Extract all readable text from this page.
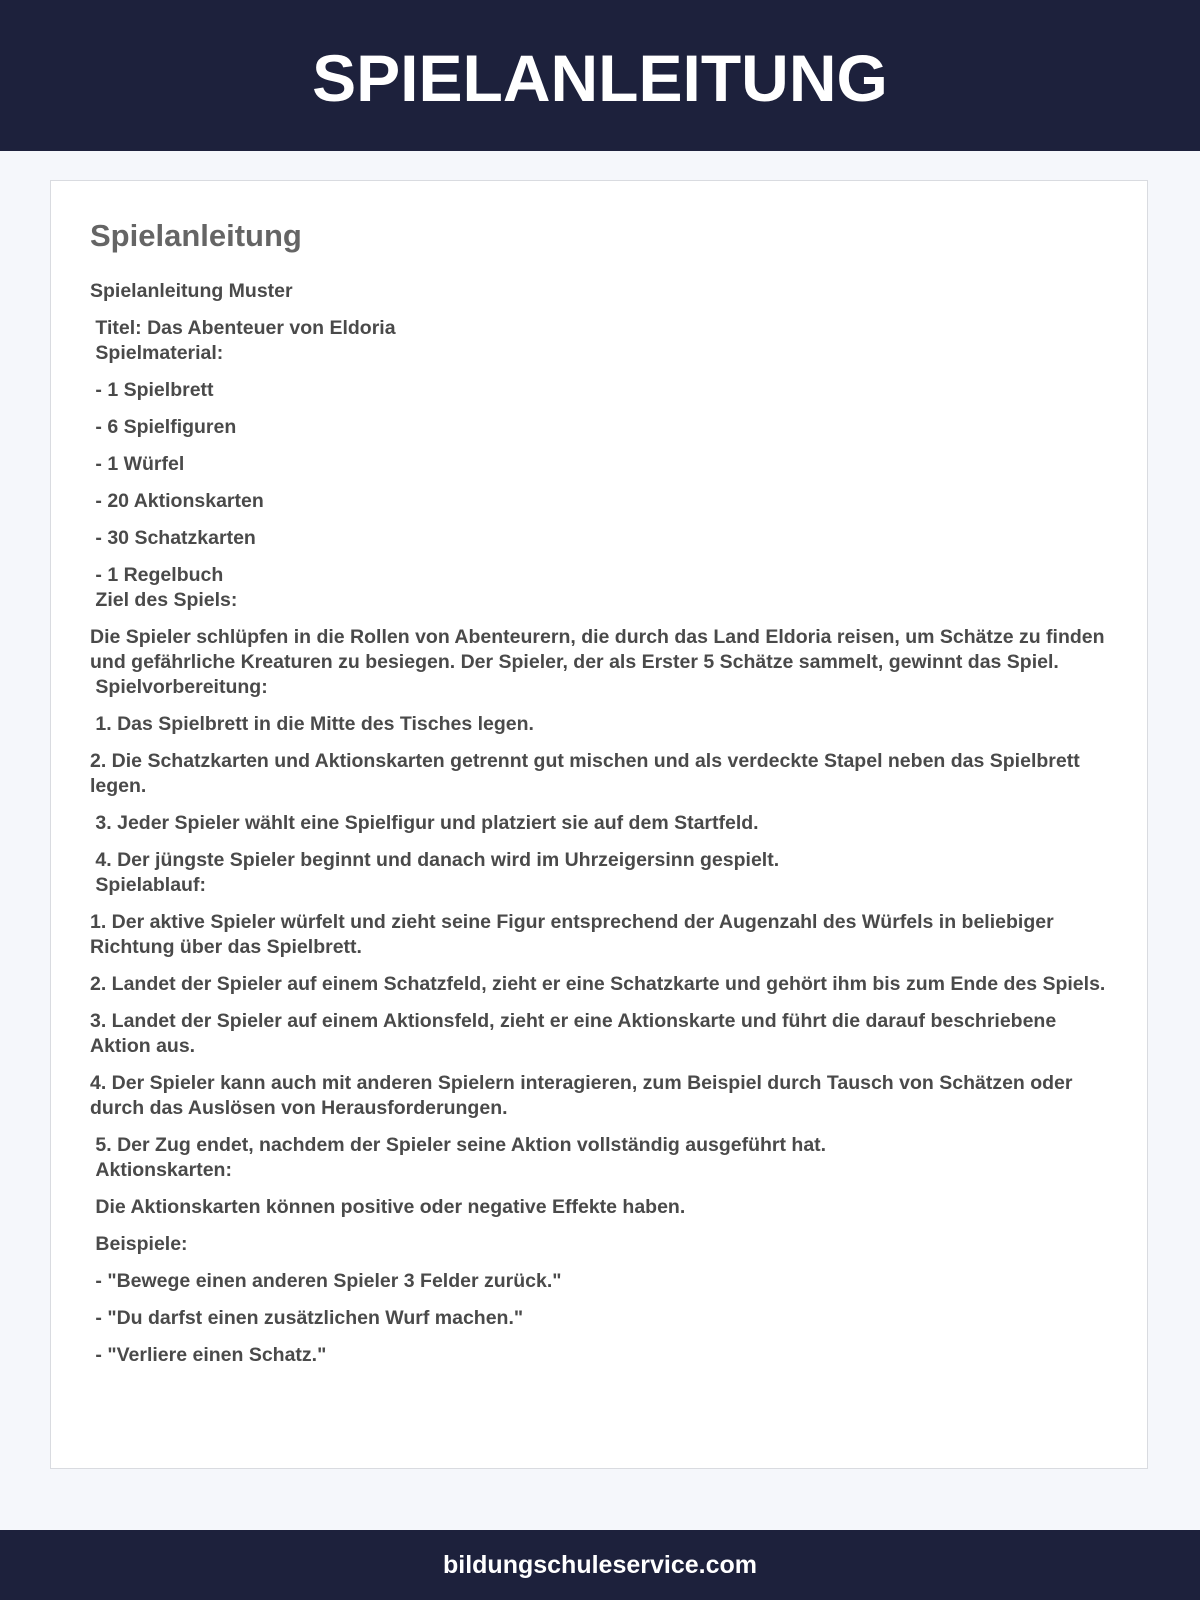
SPIELANLEITUNG
Spielanleitung

Spielanleitung Muster

Titel: Das Abenteuer von Eldoria

Spielmaterial:

- 1 Spielbrett

- 6 Spielfiguren

- 1 Würfel

- 20 Aktionskarten

- 30 Schatzkarten

- 1 Regelbuch

Ziel des Spiels:

Die Spieler schlüpfen in die Rollen von Abenteurern, die durch das Land Eldoria reisen, um Schätze zu finden und gefährliche Kreaturen zu besiegen. Der Spieler, der als Erster 5 Schätze sammelt, gewinnt das Spiel.

Spielvorbereitung:

1. Das Spielbrett in die Mitte des Tisches legen.

2. Die Schatzkarten und Aktionskarten getrennt gut mischen und als verdeckte Stapel neben das Spielbrett legen.

3. Jeder Spieler wählt eine Spielfigur und platziert sie auf dem Startfeld.

4. Der jüngste Spieler beginnt und danach wird im Uhrzeigersinn gespielt.

Spielablauf:

1. Der aktive Spieler würfelt und zieht seine Figur entsprechend der Augenzahl des Würfels in beliebiger Richtung über das Spielbrett.

2. Landet der Spieler auf einem Schatzfeld, zieht er eine Schatzkarte und gehört ihm bis zum Ende des Spiels.

3. Landet der Spieler auf einem Aktionsfeld, zieht er eine Aktionskarte und führt die darauf beschriebene Aktion aus.

4. Der Spieler kann auch mit anderen Spielern interagieren, zum Beispiel durch Tausch von Schätzen oder durch das Auslösen von Herausforderungen.

5. Der Zug endet, nachdem der Spieler seine Aktion vollständig ausgeführt hat.

Aktionskarten:

Die Aktionskarten können positive oder negative Effekte haben.

Beispiele:

- "Bewege einen anderen Spieler 3 Felder zurück."

- "Du darfst einen zusätzlichen Wurf machen."

- "Verliere einen Schatz."

bildungschuleservice.com
